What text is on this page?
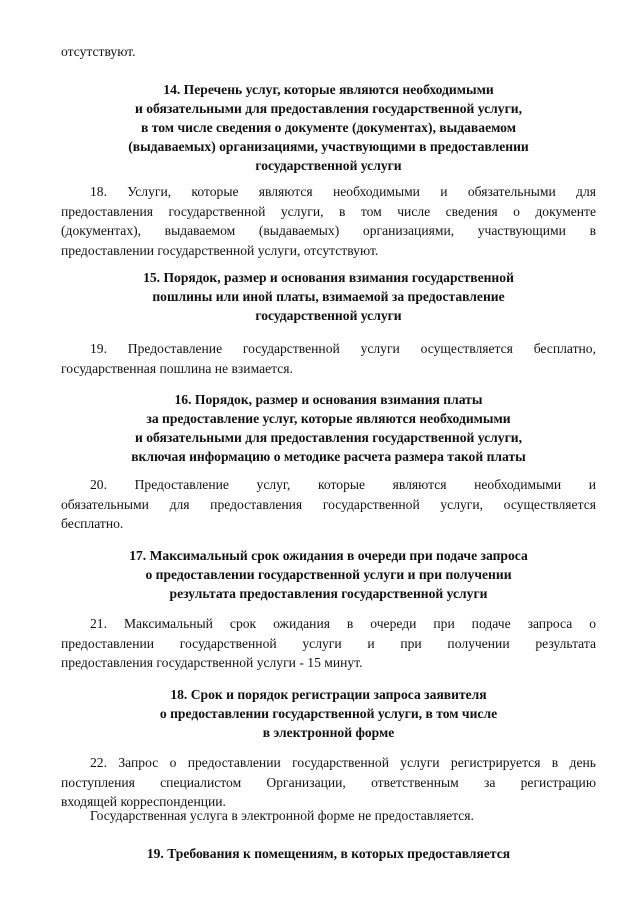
отсутствуют.

14. Перечень услуг, которые являются необходимыми
и обязательными для предоставления государственной услуги,
в том числе сведения о документе (документах), выдаваемом
(выдаваемых) организациями, участвующими в предоставлении
государственной услуги
18. Услуги, которые являются необходимыми и обязательными для
предоставления государственной услуги, в том числе сведения о документе
(документах), выдаваемом (выдаваемых) организациями, участвующими в
предоставлении государственной услуги, отсутствуют.
15. Порядок, размер и основания взимания государственной
пошлины или иной платы, взимаемой за предоставление
государственной услуги
19. Предоставление государственной услуги осуществляется бесплатно,
государственная пошлина не взимается.
16. Порядок, размер и основания взимания платы
за предоставление услуг, которые являются необходимыми
и обязательными для предоставления государственной услуги,
включая информацию о методике расчета размера такой платы
20. Предоставление услуг, которые являются необходимыми и
обязательными для предоставления государственной услуги, осуществляется
бесплатно.
17. Максимальный срок ожидания в очереди при подаче запроса
о предоставлении государственной услуги и при получении
результата предоставления государственной услуги
21. Максимальный срок ожидания в очереди при подаче запроса о
предоставлении государственной услуги и при получении результата
предоставления государственной услуги - 15 минут.
18. Срок и порядок регистрации запроса заявителя
о предоставлении государственной услуги, в том числе
в электронной форме
22. Запрос о предоставлении государственной услуги регистрируется в день
поступления специалистом Организации, ответственным за регистрацию
входящей корреспонденции.

Государственная услуга в электронной форме не предоставляется.

19. Требования к помещениям, в которых предоставляется
